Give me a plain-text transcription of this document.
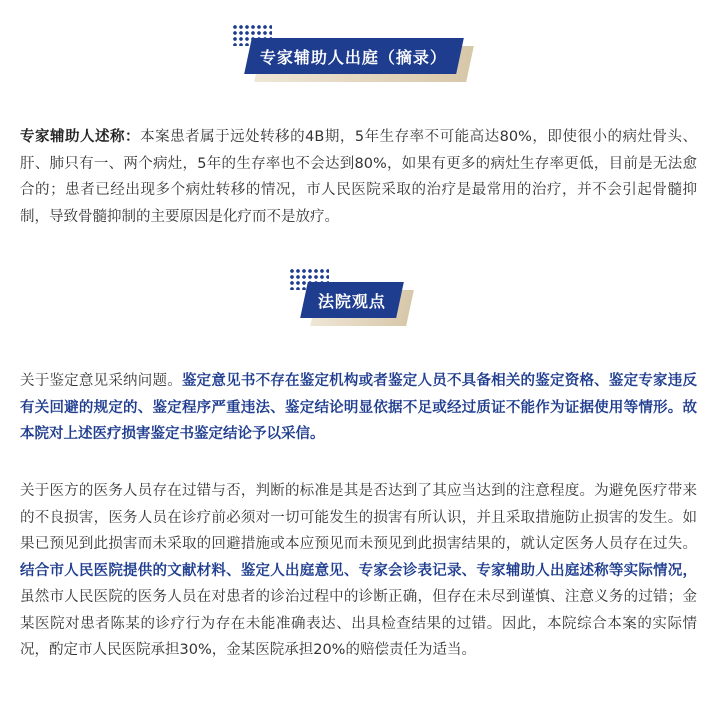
专家辅助人出庭（摘录）

专家辅助人述称：本案患者属于远处转移的4B期，5年生存率不可能高达80%，即使很小的病灶骨头、肝、肺只有一、两个病灶，5年的生存率也不会达到80%，如果有更多的病灶生存率更低，目前是无法愈合的；患者已经出现多个病灶转移的情况，市人民医院采取的治疗是最常用的治疗，并不会引起骨髓抑制，导致骨髓抑制的主要原因是化疗而不是放疗。

法院观点

关于鉴定意见采纳问题。鉴定意见书不存在鉴定机构或者鉴定人员不具备相关的鉴定资格、鉴定专家违反有关回避的规定的、鉴定程序严重违法、鉴定结论明显依据不足或经过质证不能作为证据使用等情形。故本院对上述医疗损害鉴定书鉴定结论予以采信。

关于医方的医务人员存在过错与否，判断的标准是其是否达到了其应当达到的注意程度。为避免医疗带来的不良损害，医务人员在诊疗前必须对一切可能发生的损害有所认识，并且采取措施防止损害的发生。如果已预见到此损害而未采取的回避措施或本应预见而未预见到此损害结果的，就认定医务人员存在过失。结合市人民医院提供的文献材料、鉴定人出庭意见、专家会诊表记录、专家辅助人出庭述称等实际情况，虽然市人民医院的医务人员在对患者的诊治过程中的诊断正确，但存在未尽到谨慎、注意义务的过错；金某医院对患者陈某的诊疗行为存在未能准确表达、出具检查结果的过错。因此，本院综合本案的实际情况，酌定市人民医院承担30%，金某医院承担20%的赔偿责任为适当。
